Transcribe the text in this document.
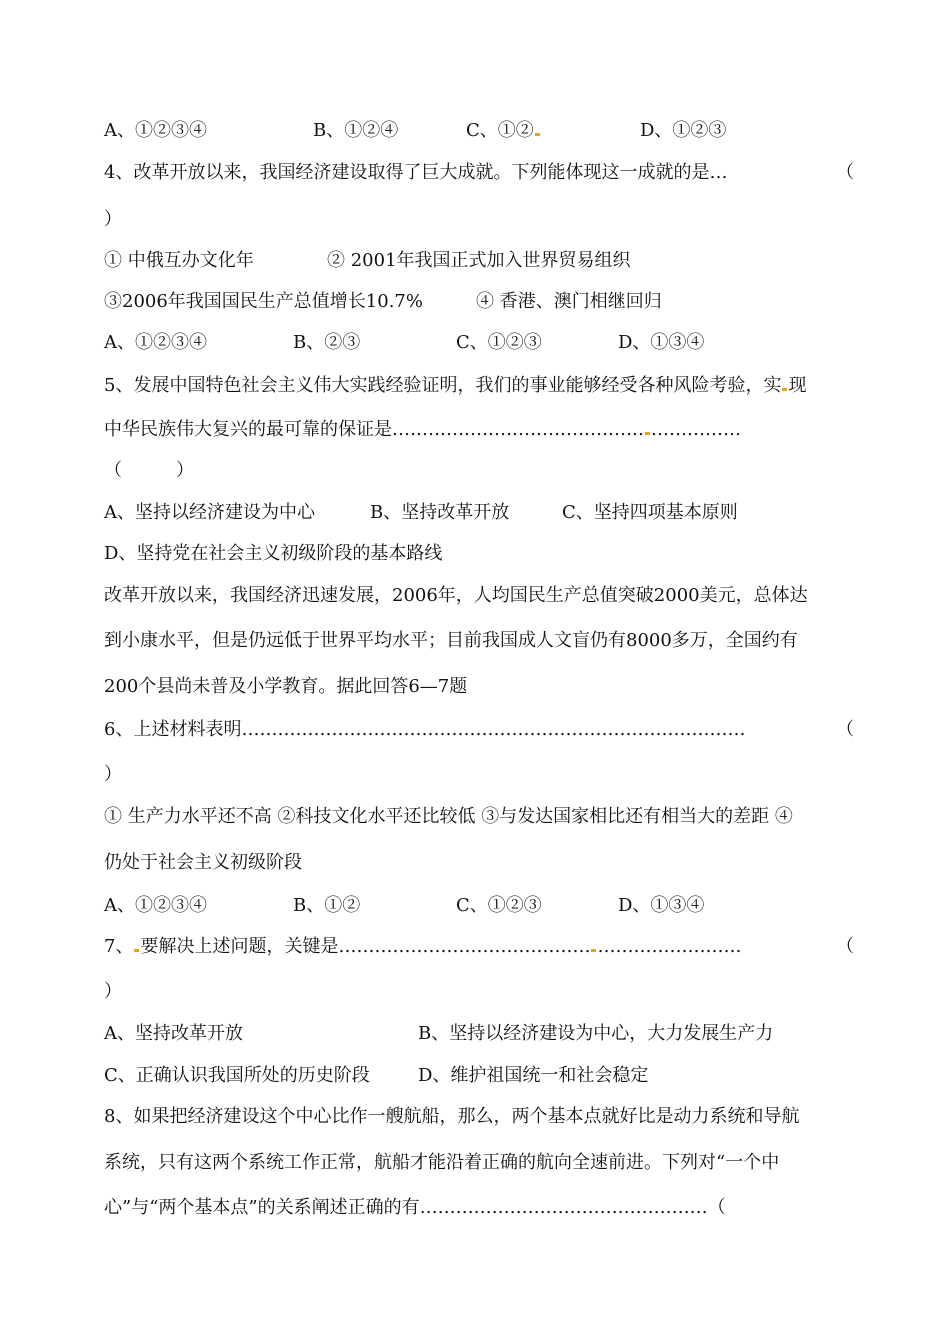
A、①②③④	B、①②④	C、①②	D、①②③
4、改革开放以来，我国经济建设取得了巨大成就。下列能体现这一成就的是…	（
）
① 中俄互办文化年	② 2001年我国正式加入世界贸易组织
③2006年我国国民生产总值增长10.7%	④ 香港、澳门相继回归
A、①②③④	B、②③	C、①②③	D、①③④
5、发展中国特色社会主义伟大实践经验证明，我们的事业能够经受各种风险考验，实 现
中华民族伟大复兴的最可靠的保证是…………………………………… ……………
（　　　）
A、坚持以经济建设为中心	B、坚持改革开放	C、坚持四项基本原则
D、坚持党在社会主义初级阶段的基本路线
改革开放以来，我国经济迅速发展，2006年，人均国民生产总值突破2000美元，总体达
到小康水平，但是仍远低于世界平均水平；目前我国成人文盲仍有8000多万，全国约有
200个县尚未普及小学教育。据此回答6—7题
6、上述材料表明…………………………………………………………………………	（
）
① 生产力水平还不高 ②科技文化水平还比较低 ③与发达国家相比还有相当大的差距 ④
仍处于社会主义初级阶段
A、①②③④	B、①②	C、①②③	D、①③④
7、 要解决上述问题，关键是…………………………………… ……………………	（
）
A、坚持改革开放	B、坚持以经济建设为中心，大力发展生产力
C、正确认识我国所处的历史阶段	D、维护祖国统一和社会稳定
8、如果把经济建设这个中心比作一艘航船，那么，两个基本点就好比是动力系统和导航
系统，只有这两个系统工作正常，航船才能沿着正确的航向全速前进。下列对“一个中
心”与“两个基本点”的关系阐述正确的有…………………………………………（
